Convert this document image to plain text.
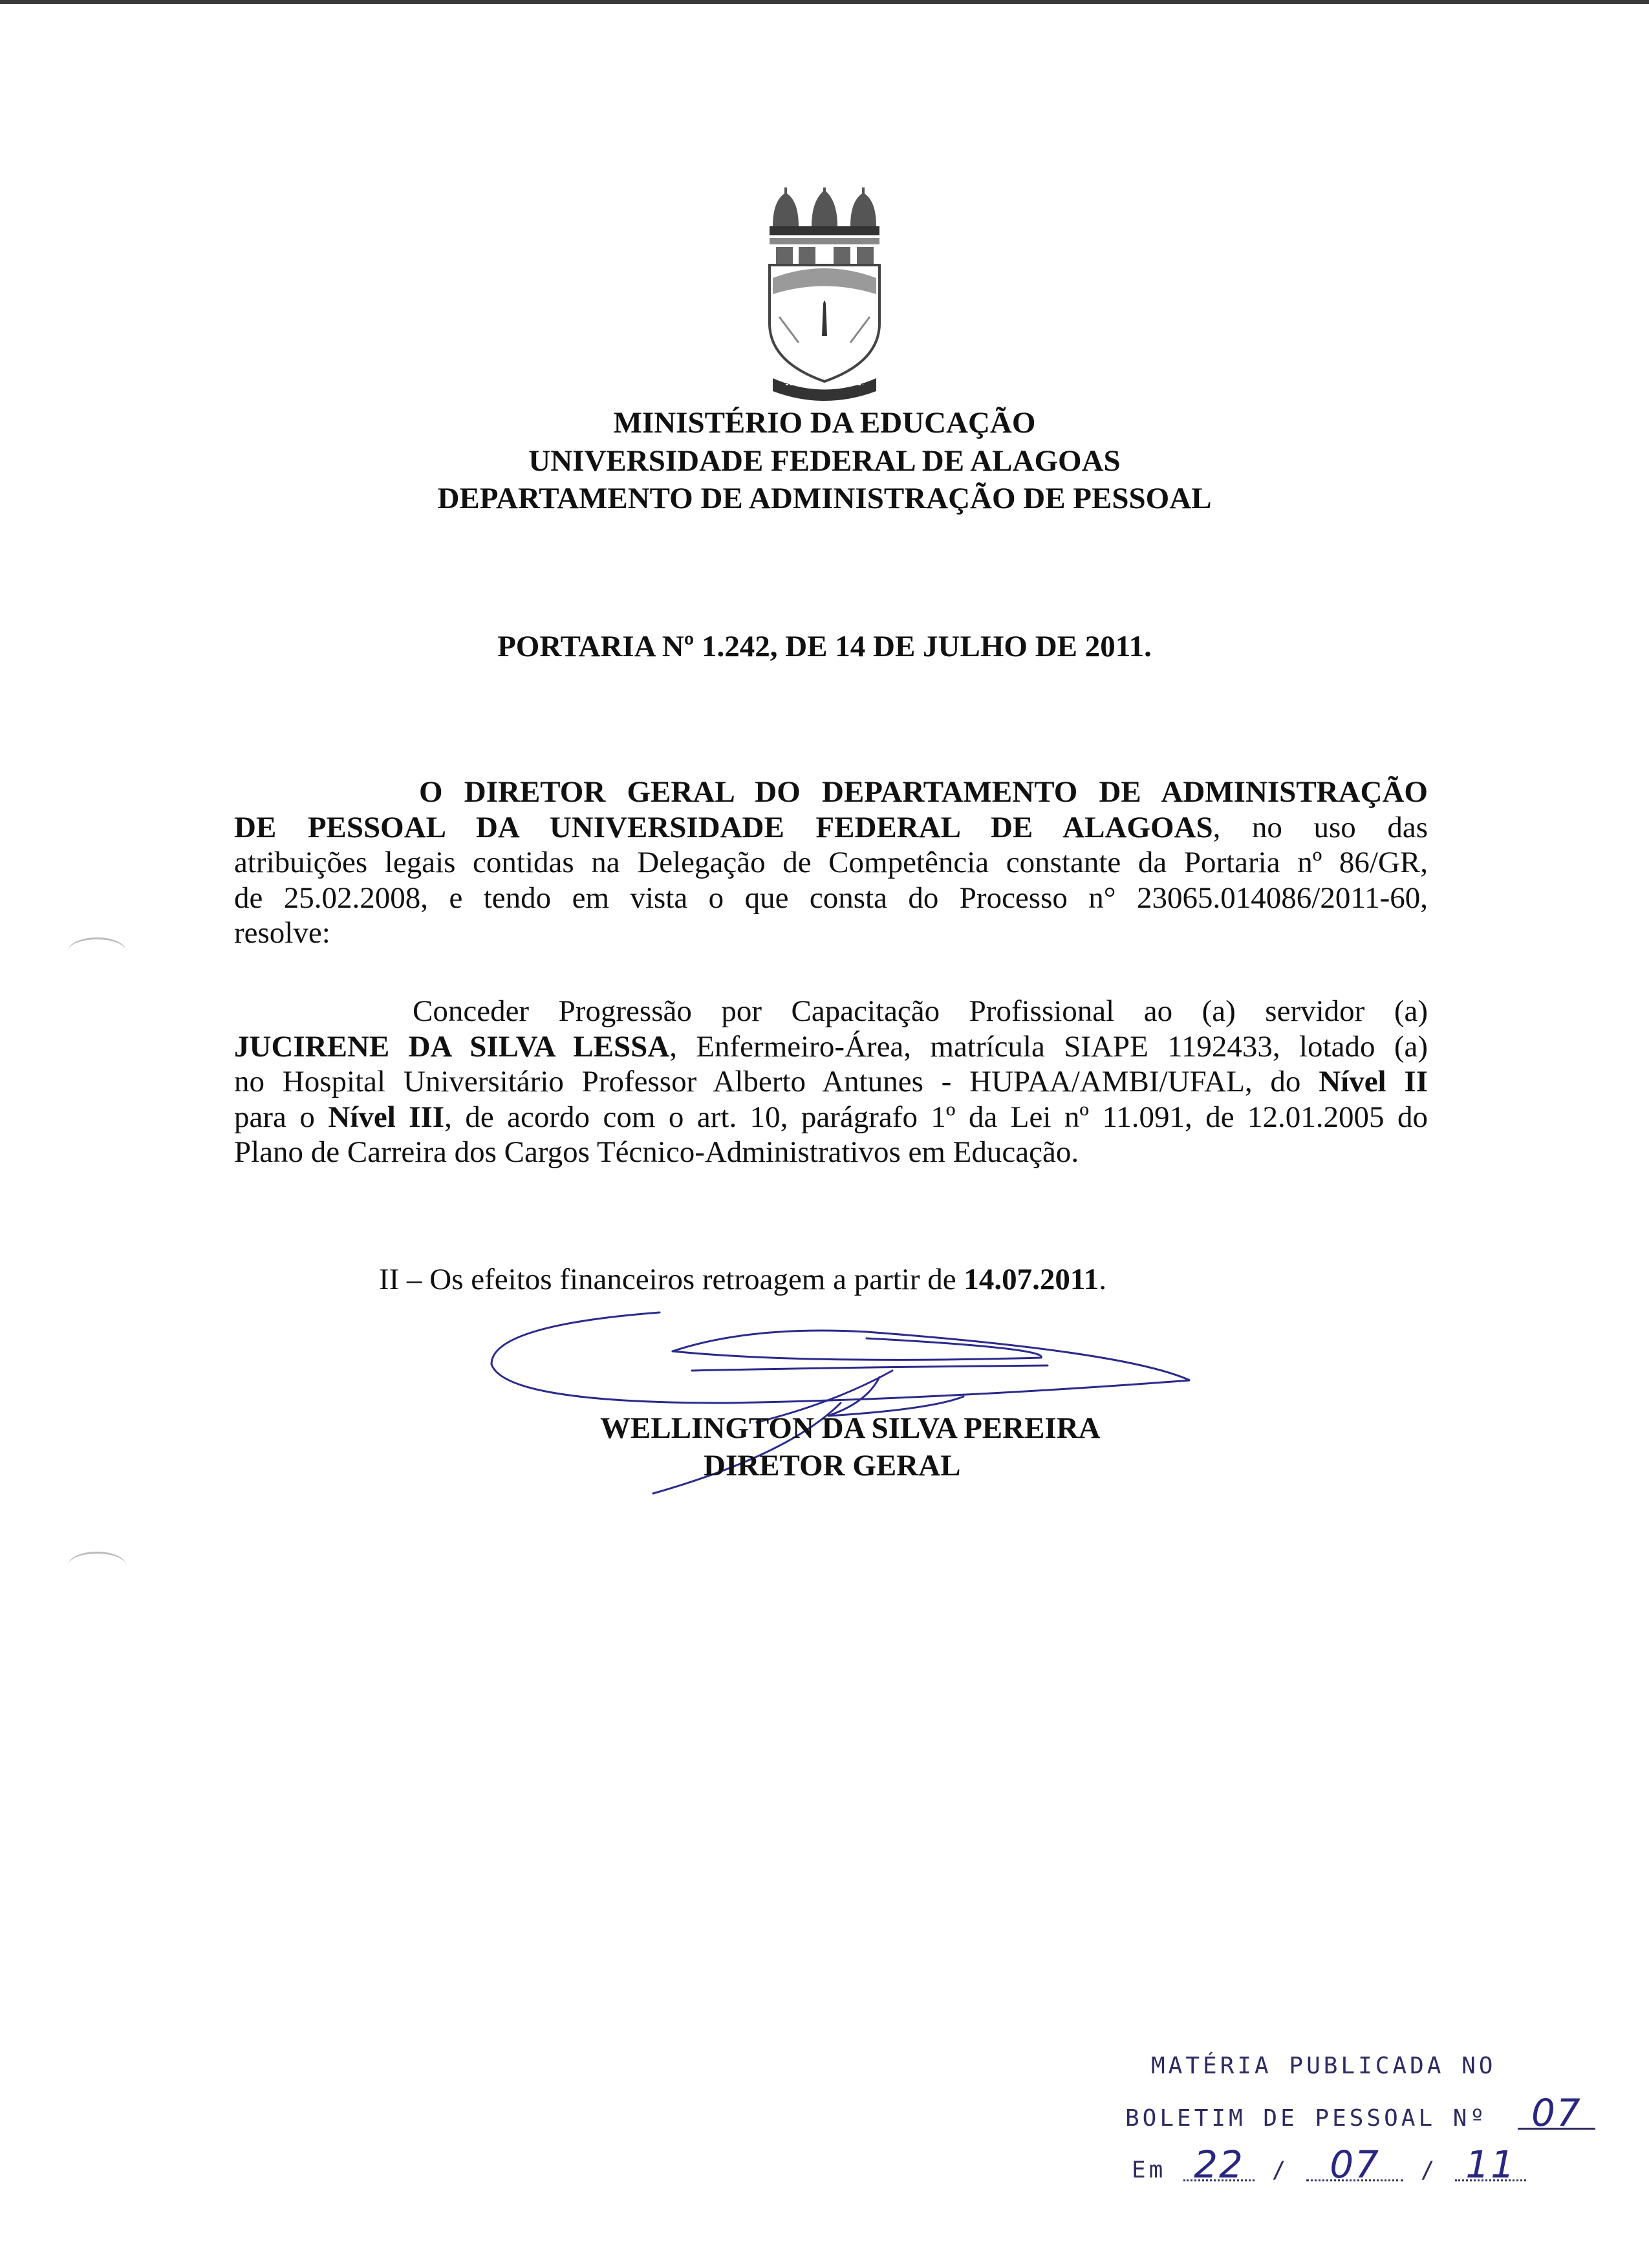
MINISTÉRIO DA EDUCAÇÃO
UNIVERSIDADE FEDERAL DE ALAGOAS
DEPARTAMENTO DE ADMINISTRAÇÃO DE PESSOAL
PORTARIA Nº 1.242, DE 14 DE JULHO DE 2011.
O DIRETOR GERAL DO DEPARTAMENTO DE ADMINISTRAÇÃO
DE PESSOAL DA UNIVERSIDADE FEDERAL DE ALAGOAS, no uso das
atribuições legais contidas na Delegação de Competência constante da Portaria nº 86/GR,
de 25.02.2008, e tendo em vista o que consta do Processo n° 23065.014086/2011-60,
resolve:
Conceder Progressão por Capacitação Profissional ao (a) servidor (a)
JUCIRENE DA SILVA LESSA, Enfermeiro-Área, matrícula SIAPE 1192433, lotado (a)
no Hospital Universitário Professor Alberto Antunes - HUPAA/AMBI/UFAL, do Nível II
para o Nível III, de acordo com o art. 10, parágrafo 1º da Lei nº 11.091, de 12.01.2005 do
Plano de Carreira dos Cargos Técnico-Administrativos em Educação.
II – Os efeitos financeiros retroagem a partir de 14.07.2011.
WELLINGTON DA SILVA PEREIRA
DIRETOR GERAL
MATÉRIA PUBLICADA NO
BOLETIM DE PESSOAL Nº 07
Em 22 / 07 / 11
